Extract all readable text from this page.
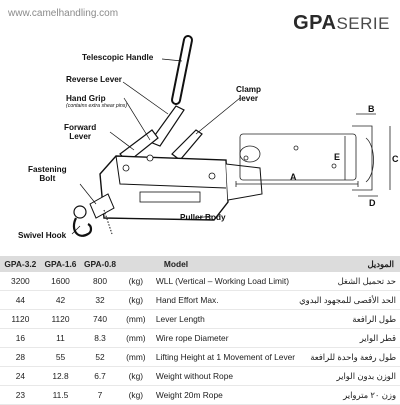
www.camelhandling.com	GPASERIE
A
B
C
D
E
Telescopic Handle
Reverse Lever
Hand Grip
(contains extra shear pins)
Clamp
lever
Forward
Lever
Fastening
Bolt
Swivel Hook
Puller Body
GPA-3.2	GPA-1.6	GPA-0.8		Model	الموديل
3200	1600	800	(kg)	WLL (Vertical – Working Load Limit)	حد تحميل الشغل
44	42	32	(kg)	Hand Effort Max.	الحد الأقصى للمجهود البدوي
1120	1120	740	(mm)	Lever Length	طول الرافعة
16	11	8.3	(mm)	Wire rope Diameter	قطر الواير
28	55	52	(mm)	Lifting Height at 1 Movement of Lever	طول رفعة واحدة للرافعة
24	12.8	6.7	(kg)	Weight without Rope	الوزن بدون الواير
23	11.5	7	(kg)	Weight 20m Rope	وزن ٢٠ مترواير
